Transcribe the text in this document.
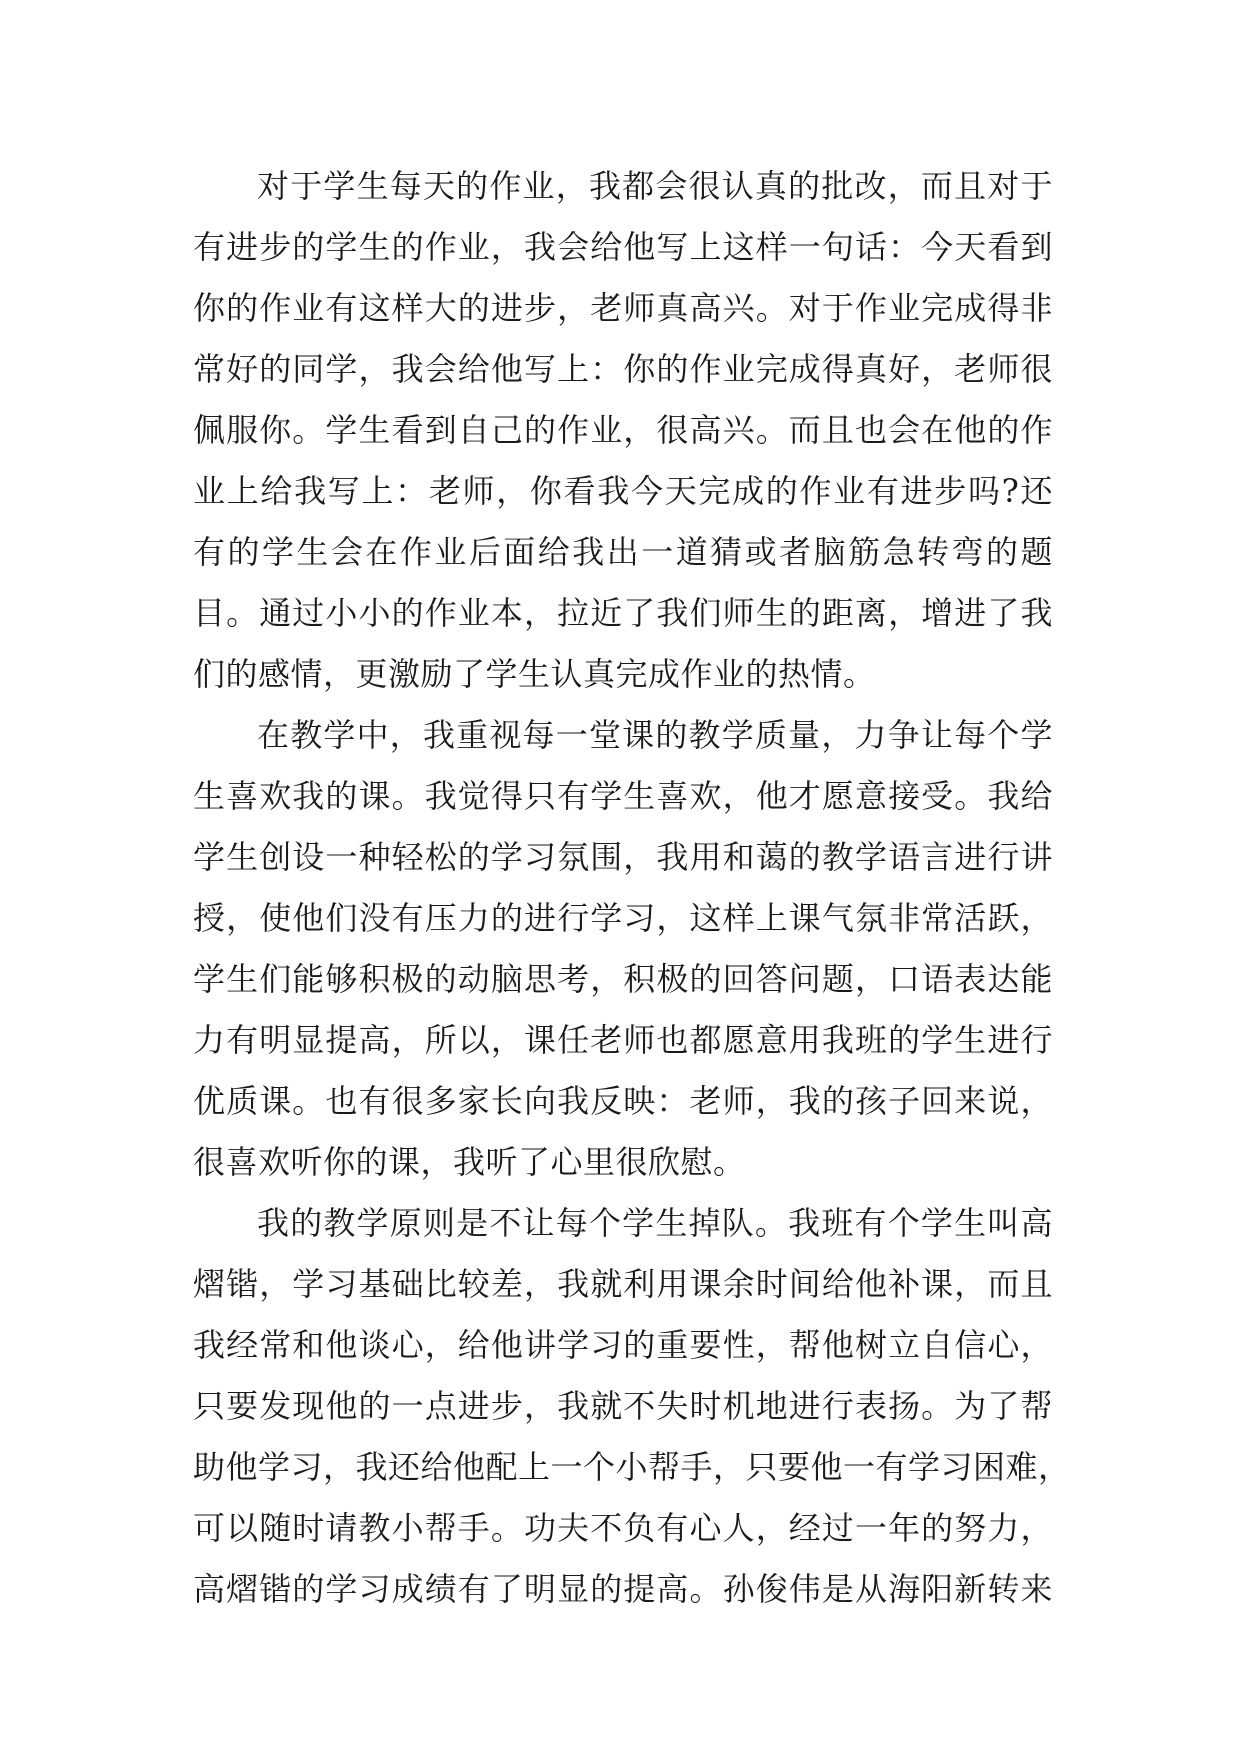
对于学生每天的作业，我都会很认真的批改，而且对于
有进步的学生的作业，我会给他写上这样一句话：今天看到
你的作业有这样大的进步，老师真高兴。对于作业完成得非
常好的同学，我会给他写上：你的作业完成得真好，老师很
佩服你。学生看到自己的作业，很高兴。而且也会在他的作
业上给我写上：老师，你看我今天完成的作业有进步吗?还
有的学生会在作业后面给我出一道猜或者脑筋急转弯的题
目。通过小小的作业本，拉近了我们师生的距离，增进了我
们的感情，更激励了学生认真完成作业的热情。
在教学中，我重视每一堂课的教学质量，力争让每个学
生喜欢我的课。我觉得只有学生喜欢，他才愿意接受。我给
学生创设一种轻松的学习氛围，我用和蔼的教学语言进行讲
授，使他们没有压力的进行学习，这样上课气氛非常活跃，
学生们能够积极的动脑思考，积极的回答问题，口语表达能
力有明显提高，所以，课任老师也都愿意用我班的学生进行
优质课。也有很多家长向我反映：老师，我的孩子回来说，
很喜欢听你的课，我听了心里很欣慰。
我的教学原则是不让每个学生掉队。我班有个学生叫高
熠锴，学习基础比较差，我就利用课余时间给他补课，而且
我经常和他谈心，给他讲学习的重要性，帮他树立自信心，
只要发现他的一点进步，我就不失时机地进行表扬。为了帮
助他学习，我还给他配上一个小帮手，只要他一有学习困难，
可以随时请教小帮手。功夫不负有心人，经过一年的努力，
高熠锴的学习成绩有了明显的提高。孙俊伟是从海阳新转来
